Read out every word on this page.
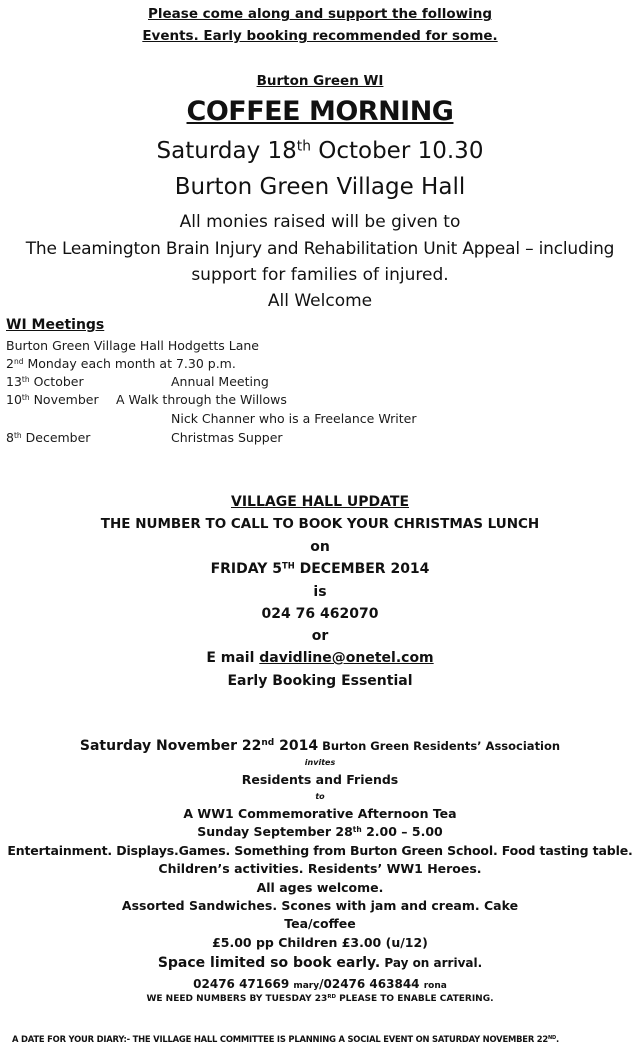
Please come along and support the following
Events. Early booking recommended for some.
Burton Green WI
COFFEE MORNING
Saturday 18th October 10.30
Burton Green Village Hall
All monies raised will be given to
The Leamington Brain Injury and Rehabilitation Unit Appeal – including
support for families of injured.
All Welcome
WI Meetings
Burton Green Village Hall Hodgetts Lane
2nd Monday each month at 7.30 p.m.
13th October	Annual Meeting
10th November A Walk through the Willows
Nick Channer who is a Freelance Writer
8th December	Christmas Supper
VILLAGE HALL UPDATE
THE NUMBER TO CALL TO BOOK YOUR CHRISTMAS LUNCH
on
FRIDAY 5TH DECEMBER 2014
is
024 76 462070
or
E mail davidline@onetel.com
Early Booking Essential
Saturday November 22nd 2014 Burton Green Residents’ Association
invites
Residents and Friends
to
A WW1 Commemorative Afternoon Tea
Sunday September 28th 2.00 – 5.00
Entertainment. Displays.Games. Something from Burton Green School. Food tasting table.
Children’s activities. Residents’ WW1 Heroes.
All ages welcome.
Assorted Sandwiches. Scones with jam and cream. Cake
Tea/coffee
£5.00 pp Children £3.00 (u/12)
Space limited so book early. Pay on arrival.
02476 471669 mary/02476 463844 rona
WE NEED NUMBERS BY TUESDAY 23RD PLEASE TO ENABLE CATERING.
A DATE FOR YOUR DIARY:- THE VILLAGE HALL COMMITTEE IS PLANNING A SOCIAL EVENT ON SATURDAY NOVEMBER 22ND.
